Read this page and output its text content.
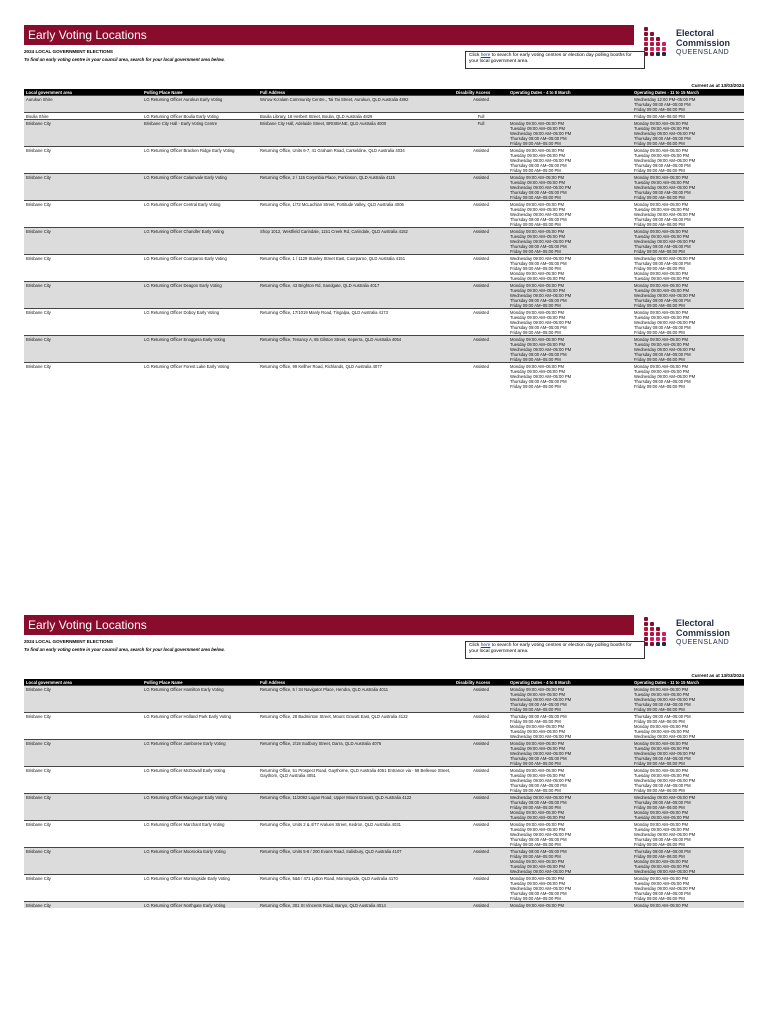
Early Voting Locations	Electoral
Commission
QUEENSLAND
2024 LOCAL GOVERNMENT ELECTIONS
To find an early voting centre in your council area, search for your local government area below.
Click here to search for early voting centres or election day polling booths for your local government area.
Current as at 13/03/2024
Local government area	Polling Place Name	Full Address	Disability Access	Operating Dates - 4 to 8 March	Operating Dates - 11 to 15 March
Aurukun Shire	LG Returning Officer Aurukun Early Voting	Wo'uw Ko'alam Community Centre., Tai Tai Street, Aurukun, QLD Australia 4892	Assisted		Wednesday 12:00 PM–05:00 PM
Thursday 09:00 AM–05:00 PM
Friday 09:00 AM–06:00 PM

Boulia Shire	LG Returning Officer Boulia Early Voting	Boulia Library, 18 Herbert Street, Boulia, QLD Australia 4829	Full		Friday 09:00 AM–06:00 PM

Brisbane City	Brisbane City Hall - Early Voting Centre	Brisbane City Hall, Adelaide Street, BRISBANE, QLD Australia 4000	Full	Monday 09:00 AM–05:00 PM
Tuesday 09:00 AM–05:00 PM
Wednesday 09:00 AM–05:00 PM
Thursday 09:00 AM–05:00 PM
Friday 09:00 AM–05:00 PM	Monday 09:00 AM–05:00 PM
Tuesday 09:00 AM–05:00 PM
Wednesday 09:00 AM–05:00 PM
Thursday 09:00 AM–05:00 PM
Friday 09:00 AM–06:00 PM

Brisbane City	LG Returning Officer Bracken Ridge Early Voting	Returning Office, Units 6-7, 41 Graham Road, Carseldine, QLD Australia 4034	Assisted	Monday 09:00 AM–05:00 PM
Tuesday 09:00 AM–05:00 PM
Wednesday 09:00 AM–05:00 PM
Thursday 09:00 AM–05:00 PM
Friday 09:00 AM–05:00 PM	Monday 09:00 AM–05:00 PM
Tuesday 09:00 AM–05:00 PM
Wednesday 09:00 AM–05:00 PM
Thursday 09:00 AM–05:00 PM
Friday 09:00 AM–06:00 PM

Brisbane City	LG Returning Officer Calamvale Early Voting	Returning Office, 2 / 115 Corymbia Place, Parkinson, QLD Australia 4115	Assisted	Monday 09:00 AM–05:00 PM
Tuesday 09:00 AM–05:00 PM
Wednesday 09:00 AM–05:00 PM
Thursday 09:00 AM–05:00 PM
Friday 09:00 AM–05:00 PM	Monday 09:00 AM–05:00 PM
Tuesday 09:00 AM–05:00 PM
Wednesday 09:00 AM–05:00 PM
Thursday 09:00 AM–05:00 PM
Friday 09:00 AM–06:00 PM

Brisbane City	LG Returning Officer Central Early Voting	Returning Office, 1/72 McLachlan Street, Fortitude Valley, QLD Australia 4006	Assisted	Monday 09:00 AM–05:00 PM
Tuesday 09:00 AM–05:00 PM
Wednesday 09:00 AM–05:00 PM
Thursday 09:00 AM–05:00 PM
Friday 09:00 AM–05:00 PM	Monday 09:00 AM–05:00 PM
Tuesday 09:00 AM–05:00 PM
Wednesday 09:00 AM–05:00 PM
Thursday 09:00 AM–05:00 PM
Friday 09:00 AM–06:00 PM

Brisbane City	LG Returning Officer Chandler Early Voting	Shop 1012, Westfield Carindale, 1151 Creek Rd, Carindale, QLD Australia 4152	Assisted	Monday 09:00 AM–05:00 PM
Tuesday 09:00 AM–05:00 PM
Wednesday 09:00 AM–05:00 PM
Thursday 09:00 AM–05:00 PM
Friday 09:00 AM–05:00 PM	Monday 09:00 AM–05:00 PM
Tuesday 09:00 AM–05:00 PM
Wednesday 09:00 AM–05:00 PM
Thursday 09:00 AM–05:00 PM
Friday 09:00 AM–06:00 PM

Brisbane City	LG Returning Officer Coorparoo Early Voting	Returning Office, 1 / 1129 Stanley Street East, Coorparoo, QLD Australia 4151	Assisted	Wednesday 09:00 AM–05:00 PM
Thursday 09:00 AM–05:00 PM
Friday 09:00 AM–05:00 PM
Monday 09:00 AM–05:00 PM
Tuesday 09:00 AM–05:00 PM	Wednesday 09:00 AM–05:00 PM
Thursday 09:00 AM–05:00 PM
Friday 09:00 AM–06:00 PM
Monday 09:00 AM–05:00 PM
Tuesday 09:00 AM–05:00 PM

Brisbane City	LG Returning Officer Deagon Early Voting	Returning Office, 43 Brighton Rd, Sandgate, QLD Australia 4017	Assisted	Monday 09:00 AM–05:00 PM
Tuesday 09:00 AM–05:00 PM
Wednesday 09:00 AM–05:00 PM
Thursday 09:00 AM–05:00 PM
Friday 09:00 AM–05:00 PM	Monday 09:00 AM–05:00 PM
Tuesday 09:00 AM–05:00 PM
Wednesday 09:00 AM–05:00 PM
Thursday 09:00 AM–05:00 PM
Friday 09:00 AM–06:00 PM

Brisbane City	LG Returning Officer Doboy Early Voting	Returning Office, 17/1019 Manly Road, Tingalpa, QLD Australia 4173	Assisted	Monday 09:00 AM–05:00 PM
Tuesday 09:00 AM–05:00 PM
Wednesday 09:00 AM–05:00 PM
Thursday 09:00 AM–05:00 PM
Friday 09:00 AM–05:00 PM	Monday 09:00 AM–05:00 PM
Tuesday 09:00 AM–05:00 PM
Wednesday 09:00 AM–05:00 PM
Thursday 09:00 AM–05:00 PM
Friday 09:00 AM–06:00 PM

Brisbane City	LG Returning Officer Enoggera Early Voting	Returning Office, Tenancy A, 65 Gilston Street, Keperra, QLD Australia 4054	Assisted	Monday 09:00 AM–05:00 PM
Tuesday 09:00 AM–05:00 PM
Wednesday 09:00 AM–05:00 PM
Thursday 09:00 AM–05:00 PM
Friday 09:00 AM–05:00 PM	Monday 09:00 AM–05:00 PM
Tuesday 09:00 AM–05:00 PM
Wednesday 09:00 AM–05:00 PM
Thursday 09:00 AM–05:00 PM
Friday 09:00 AM–06:00 PM

Brisbane City	LG Returning Officer Forest Lake Early Voting	Returning Office, 99 Kellher Road, Richlands, QLD Australia 4077	Assisted	Monday 09:00 AM–05:00 PM
Tuesday 09:00 AM–05:00 PM
Wednesday 09:00 AM–05:00 PM
Thursday 09:00 AM–05:00 PM
Friday 09:00 AM–05:00 PM	Monday 09:00 AM–05:00 PM
Tuesday 09:00 AM–05:00 PM
Wednesday 09:00 AM–05:00 PM
Thursday 09:00 AM–05:00 PM
Friday 09:00 AM–06:00 PM
Early Voting Locations	Electoral
Commission
QUEENSLAND
2024 LOCAL GOVERNMENT ELECTIONS
To find an early voting centre in your council area, search for your local government area below.
Click here to search for early voting centres or election day polling booths for your local government area.
Current as at 13/03/2024
Local government area	Polling Place Name	Full Address	Disability Access	Operating Dates - 4 to 8 March	Operating Dates - 11 to 15 March
Brisbane City	LG Returning Officer Hamilton Early Voting	Returning Office, 5 / 34 Navigator Place, Hendra, QLD Australia 4011	Assisted	Monday 09:00 AM–05:00 PM
Tuesday 09:00 AM–05:00 PM
Wednesday 09:00 AM–05:00 PM
Thursday 09:00 AM–05:00 PM
Friday 09:00 AM–05:00 PM	Monday 09:00 AM–05:00 PM
Tuesday 09:00 AM–05:00 PM
Wednesday 09:00 AM–05:00 PM
Thursday 09:00 AM–05:00 PM
Friday 09:00 AM–06:00 PM

Brisbane City	LG Returning Officer Holland Park Early Voting	Returning Office, 28 Badminton Street, Mount Gravatt East, QLD Australia 4122	Assisted	Thursday 09:00 AM–05:00 PM
Friday 09:00 AM–05:00 PM
Monday 09:00 AM–05:00 PM
Tuesday 09:00 AM–05:00 PM
Wednesday 09:00 AM–05:00 PM	Thursday 09:00 AM–05:00 PM
Friday 09:00 AM–06:00 PM
Monday 09:00 AM–05:00 PM
Tuesday 09:00 AM–05:00 PM
Wednesday 09:00 AM–05:00 PM

Brisbane City	LG Returning Officer Jamboree Early Voting	Returning Office, 2/18 Sudbury Street, Darra, QLD Australia 4076	Assisted	Monday 09:00 AM–05:00 PM
Tuesday 09:00 AM–05:00 PM
Wednesday 09:00 AM–05:00 PM
Thursday 09:00 AM–05:00 PM
Friday 09:00 AM–05:00 PM	Monday 09:00 AM–05:00 PM
Tuesday 09:00 AM–05:00 PM
Wednesday 09:00 AM–05:00 PM
Thursday 09:00 AM–05:00 PM
Friday 09:00 AM–06:00 PM

Brisbane City	LG Returning Officer McDowall Early Voting	Returning Office, 51 Prospect Road, Gaythorne, QLD Australia 4051 Entrance via - 58 Bellevue Street, Gaythorn, QLD Australia 4051	Assisted	Monday 09:00 AM–05:00 PM
Tuesday 09:00 AM–05:00 PM
Wednesday 09:00 AM–05:00 PM
Thursday 09:00 AM–05:00 PM
Friday 09:00 AM–05:00 PM	Monday 09:00 AM–05:00 PM
Tuesday 09:00 AM–05:00 PM
Wednesday 09:00 AM–05:00 PM
Thursday 09:00 AM–05:00 PM
Friday 09:00 AM–06:00 PM

Brisbane City	LG Returning Officer Macgregor Early Voting	Returning Office, 11/2092 Logan Road, Upper Mount Gravatt, QLD Australia 4122	Assisted	Wednesday 09:00 AM–05:00 PM
Thursday 09:00 AM–05:00 PM
Friday 09:00 AM–05:00 PM
Monday 09:00 AM–05:00 PM
Tuesday 09:00 AM–05:00 PM	Wednesday 09:00 AM–05:00 PM
Thursday 09:00 AM–05:00 PM
Friday 09:00 AM–06:00 PM
Monday 09:00 AM–05:00 PM
Tuesday 09:00 AM–05:00 PM

Brisbane City	LG Returning Officer Marchant Early Voting	Returning Office, Units 2 & 4/77 Araluen Street, Kedron, QLD Australia 4031	Assisted	Monday 09:00 AM–05:00 PM
Tuesday 09:00 AM–05:00 PM
Wednesday 09:00 AM–05:00 PM
Thursday 09:00 AM–05:00 PM
Friday 09:00 AM–05:00 PM	Monday 09:00 AM–05:00 PM
Tuesday 09:00 AM–05:00 PM
Wednesday 09:00 AM–05:00 PM
Thursday 09:00 AM–05:00 PM
Friday 09:00 AM–06:00 PM

Brisbane City	LG Returning Officer Moorooka Early Voting	Returning Office, Units 5-8 / 200 Evans Road, Salisbury, QLD Australia 4107	Assisted	Thursday 09:00 AM–05:00 PM
Friday 09:00 AM–05:00 PM
Monday 09:00 AM–05:00 PM
Tuesday 09:00 AM–05:00 PM
Wednesday 09:00 AM–05:00 PM	Thursday 09:00 AM–05:00 PM
Friday 09:00 AM–06:00 PM
Monday 09:00 AM–05:00 PM
Tuesday 09:00 AM–05:00 PM
Wednesday 09:00 AM–05:00 PM

Brisbane City	LG Returning Officer Morningside Early Voting	Returning Office, 5&6 / 471 Lytton Road, Morningside, QLD Australia 4170	Assisted	Monday 09:00 AM–05:00 PM
Tuesday 09:00 AM–05:00 PM
Wednesday 09:00 AM–05:00 PM
Thursday 09:00 AM–05:00 PM
Friday 09:00 AM–05:00 PM	Monday 09:00 AM–05:00 PM
Tuesday 09:00 AM–05:00 PM
Wednesday 09:00 AM–05:00 PM
Thursday 09:00 AM–05:00 PM
Friday 09:00 AM–06:00 PM

Brisbane City	LG Returning Officer Northgate Early Voting	Returning Office, 301 St Vincents Road, Banyo, QLD Australia 4014	Assisted	Monday 09:00 AM–05:00 PM	Monday 09:00 AM–05:00 PM
